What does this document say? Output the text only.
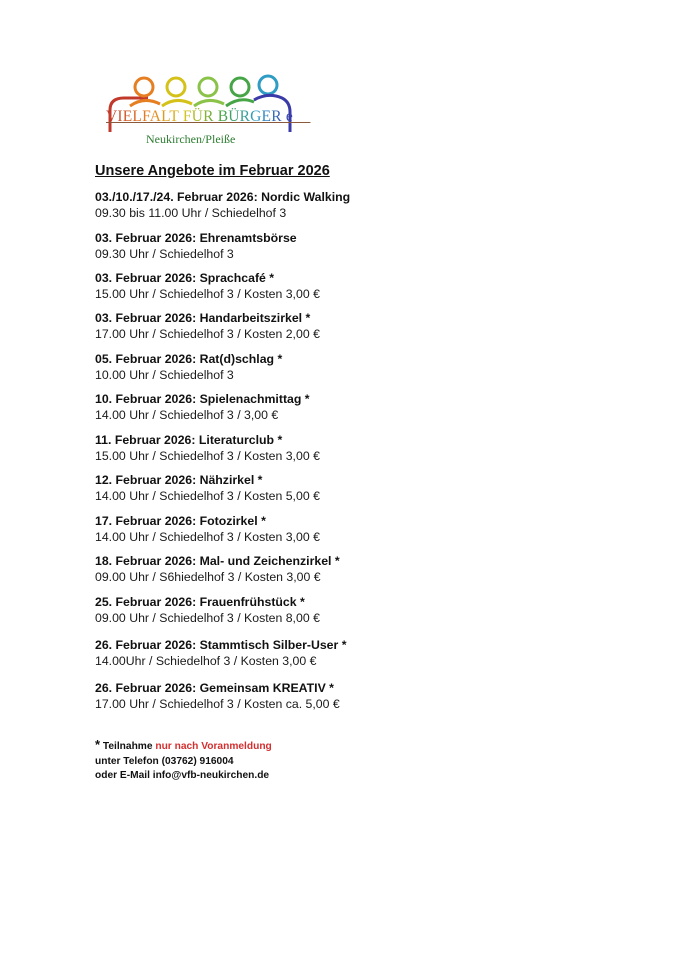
VIELFALT FÜR BÜRGER e.V.
Neukirchen/Pleiße
Unsere Angebote im Februar 2026
03./10./17./24. Februar 2026: Nordic Walking
09.30 bis 11.00 Uhr / Schiedelhof 3
03. Februar 2026: Ehrenamtsbörse
09.30 Uhr / Schiedelhof 3
03. Februar 2026: Sprachcafé *
15.00 Uhr / Schiedelhof 3 / Kosten 3,00 €
03. Februar 2026: Handarbeitszirkel *
17.00 Uhr / Schiedelhof 3 / Kosten 2,00 €
05. Februar 2026: Rat(d)schlag *
10.00 Uhr / Schiedelhof 3
10. Februar 2026: Spielenachmittag *
14.00 Uhr / Schiedelhof 3 / 3,00 €
11. Februar 2026: Literaturclub *
15.00 Uhr / Schiedelhof 3 / Kosten 3,00 €
12. Februar 2026: Nähzirkel *
14.00 Uhr / Schiedelhof 3 / Kosten 5,00 €
17. Februar 2026: Fotozirkel *
14.00 Uhr / Schiedelhof 3 / Kosten 3,00 €
18. Februar 2026: Mal- und Zeichenzirkel *
09.00 Uhr / S6hiedelhof 3 / Kosten 3,00 €
25. Februar 2026: Frauenfrühstück *
09.00 Uhr / Schiedelhof 3 / Kosten 8,00 €
26. Februar 2026: Stammtisch Silber-User *
14.00Uhr / Schiedelhof 3 / Kosten 3,00 €
26. Februar 2026: Gemeinsam KREATIV *
17.00 Uhr / Schiedelhof 3 / Kosten ca. 5,00 €
* Teilnahme nur nach Voranmeldung
unter Telefon (03762) 916004
oder E-Mail info@vfb-neukirchen.de
